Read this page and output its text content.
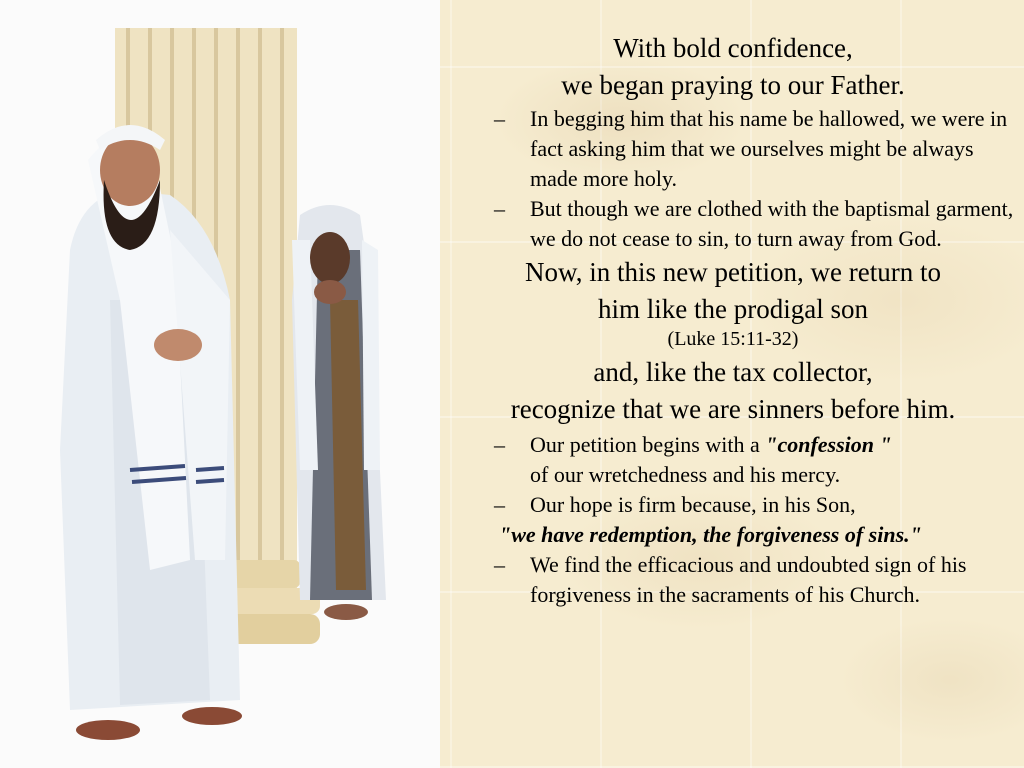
With bold confidence,
we began praying to our Father.
– In begging him that his name be hallowed, we were in fact asking him that we ourselves might be always made more holy.
– But though we are clothed with the baptismal garment, we do not cease to sin, to turn away from God.
Now, in this new petition, we return to
him like the prodigal son
(Luke 15:11-32)
and, like the tax collector,
recognize that we are sinners before him.
– Our petition begins with a "confession "
of our wretchedness and his mercy.
– Our hope is firm because, in his Son,
"we have redemption, the forgiveness of sins."
– We find the efficacious and undoubted sign of his forgiveness in the sacraments of his Church.
